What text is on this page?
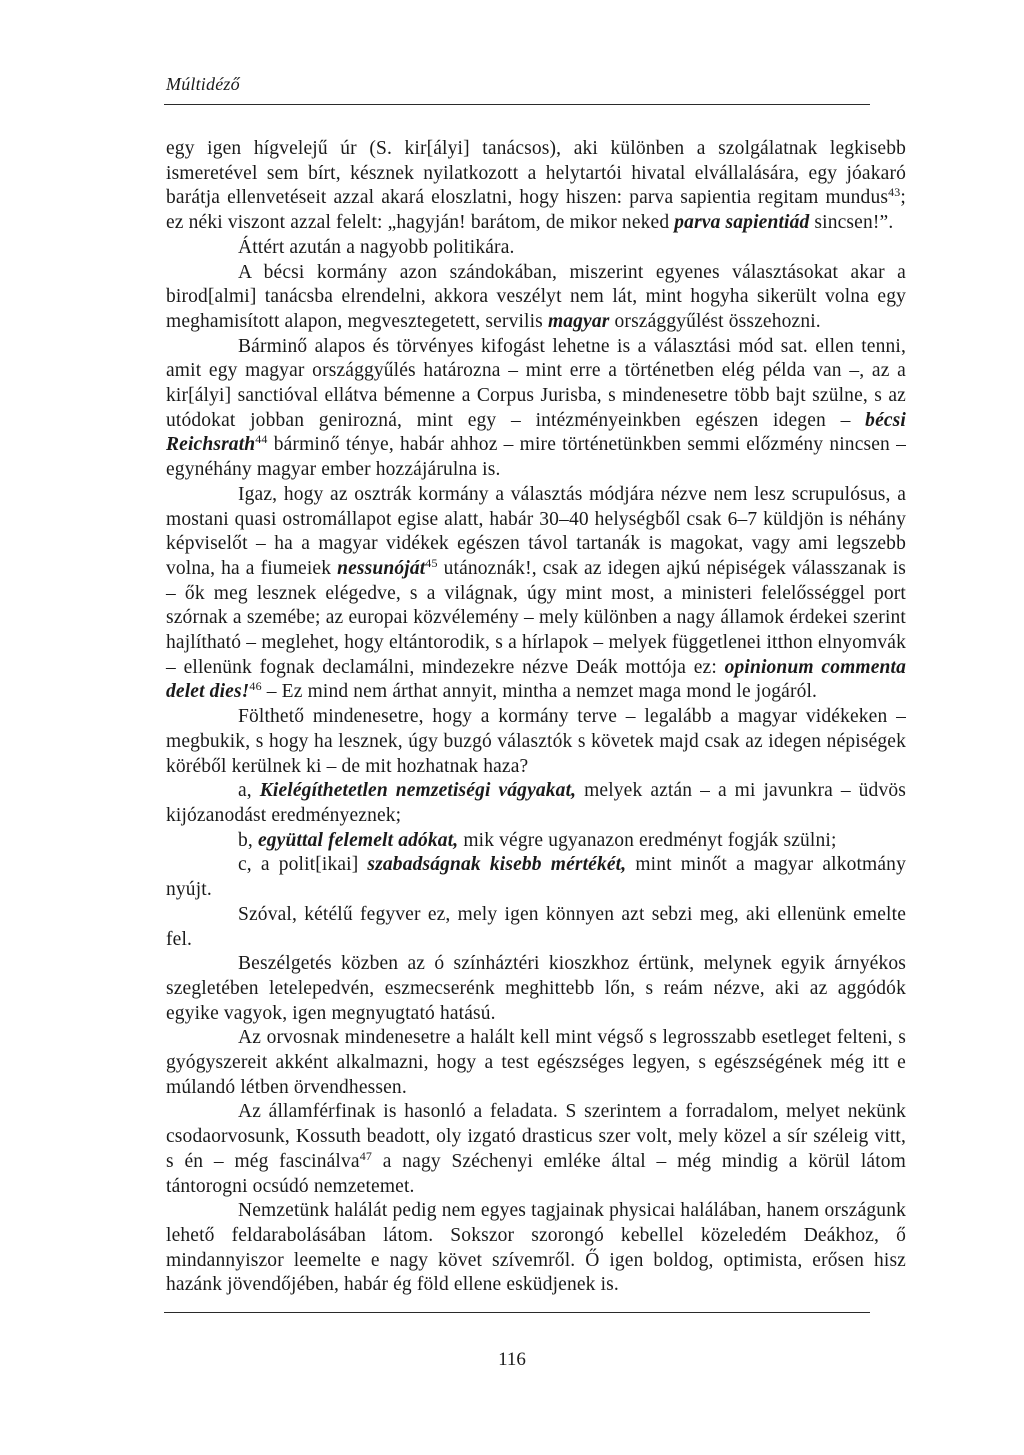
Múltidéző

egy igen hígvelejű úr (S. kir[ályi] tanácsos), aki különben a szolgálatnak legkisebb ismeretével sem bírt, késznek nyilatkozott a helytartói hivatal elvállalására, egy jóakaró barátja ellenvetéseit azzal akará eloszlatni, hogy hiszen: parva sapientia regitam mundus$^{43}$; ez néki viszont azzal felelt: „hagyján! barátom, de mikor neked parva sapientiád sincsen!”.

Áttért azután a nagyobb politikára.

A bécsi kormány azon szándokában, miszerint egyenes választásokat akar a birod[almi] tanácsba elrendelni, akkora veszélyt nem lát, mint hogyha sikerült volna egy meghamisított alapon, megvesztegetett, servilis magyar országgyűlést összehozni.

Bárminő alapos és törvényes kifogást lehetne is a választási mód sat. ellen tenni, amit egy magyar országgyűlés határozna – mint erre a történetben elég példa van –, az a kir[ályi] sanctióval ellátva bémenne a Corpus Jurisba, s mindenesetre több bajt szülne, s az utódokat jobban genirozná, mint egy – intézményeinkben egészen idegen – bécsi Reichsrath$^{44}$ bárminő ténye, habár ahhoz – mire történetünkben semmi előzmény nincsen – egynéhány magyar ember hozzájárulna is.

Igaz, hogy az osztrák kormány a választás módjára nézve nem lesz scrupulósus, a mostani quasi ostromállapot egise alatt, habár 30–40 helységből csak 6–7 küldjön is néhány képviselőt – ha a magyar vidékek egészen távol tartanák is magokat, vagy ami legszebb volna, ha a fiumeiek nessunóját$^{45}$ utánoznák!, csak az idegen ajkú népiségek válasszanak is – ők meg lesznek elégedve, s a világnak, úgy mint most, a ministeri felelősséggel port szórnak a szemébe; az europai közvélemény – mely különben a nagy államok érdekei szerint hajlítható – meglehet, hogy eltántorodik, s a hírlapok – melyek függetlenei itthon elnyomvák – ellenünk fognak declamálni, mindezekre nézve Deák mottója ez: opinionum commenta delet dies!$^{46}$ – Ez mind nem árthat annyit, mintha a nemzet maga mond le jogáról.

Fölthető mindenesetre, hogy a kormány terve – legalább a magyar vidékeken – megbukik, s hogy ha lesznek, úgy buzgó választók s követek majd csak az idegen népiségek köréből kerülnek ki – de mit hozhatnak haza?

a, Kielégíthetetlen nemzetiségi vágyakat, melyek aztán – a mi javunkra – üdvös kijózanodást eredményeznek;

b, együttal felemelt adókat, mik végre ugyanazon eredményt fogják szülni;

c, a polit[ikai] szabadságnak kisebb mértékét, mint minőt a magyar alkotmány nyújt.

Szóval, kétélű fegyver ez, mely igen könnyen azt sebzi meg, aki ellenünk emelte fel.

Beszélgetés közben az ó színháztéri kioszkhoz értünk, melynek egyik árnyékos szegletében letelepedvén, eszmecserénk meghittebb lőn, s reám nézve, aki az aggódók egyike vagyok, igen megnyugtató hatású.

Az orvosnak mindenesetre a halált kell mint végső s legrosszabb esetleget felteni, s gyógyszereit akként alkalmazni, hogy a test egészséges legyen, s egészségének még itt e múlandó létben örvendhessen.

Az államférfinak is hasonló a feladata. S szerintem a forradalom, melyet nekünk csodaorvosunk, Kossuth beadott, oly izgató drasticus szer volt, mely közel a sír széleig vitt, s én – még fascinálva$^{47}$ a nagy Széchenyi emléke által – még mindig a körül látom tántorogni ocsúdó nemzetemet.

Nemzetünk halálát pedig nem egyes tagjainak physicai halálában, hanem országunk lehető feldarabolásában látom. Sokszor szorongó kebellel közeledém Deákhoz, ő mindannyiszor leemelte e nagy követ szívemről. Ő igen boldog, optimista, erősen hisz hazánk jövendőjében, habár ég föld ellene esküdjenek is.

116
